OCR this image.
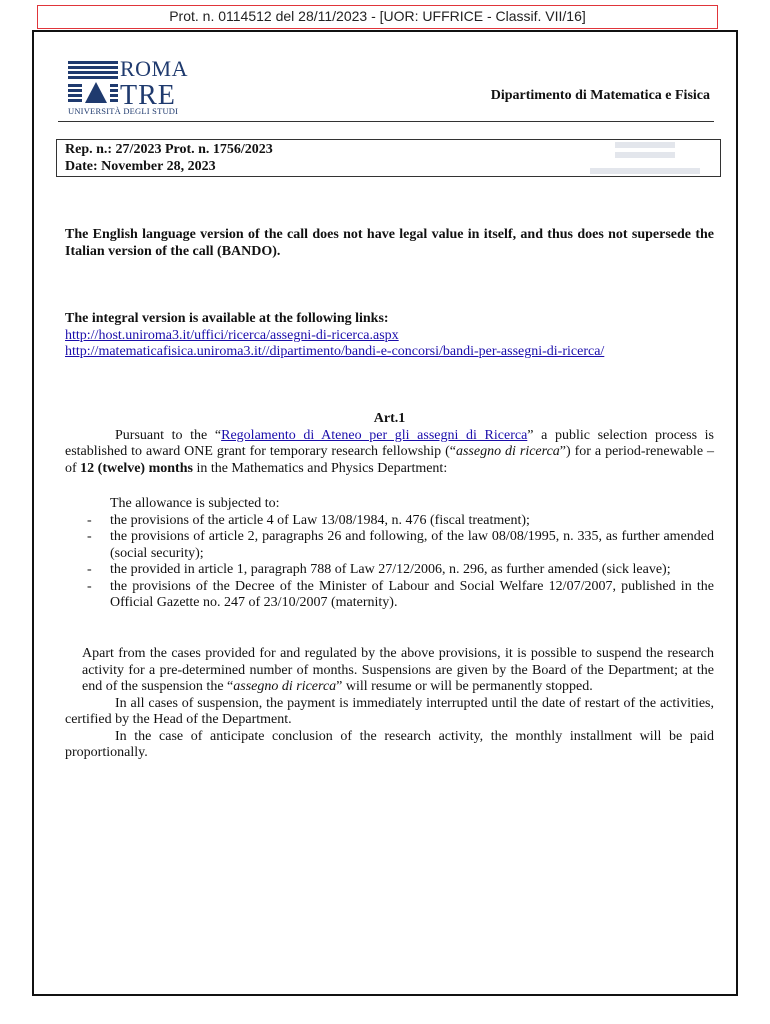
Prot. n. 0114512 del 28/11/2023 - [UOR: UFFRICE - Classif. VII/16]
ROMA
TRE
UNIVERSITÀ DEGLI STUDI
Dipartimento di Matematica e Fisica
Rep. n.: 27/2023 Prot. n. 1756/2023
Date: November 28, 2023
The English language version of the call does not have legal value in itself, and thus does not supersede the Italian version of the call (BANDO).
The integral version is available at the following links:
http://host.uniroma3.it/uffici/ricerca/assegni-di-ricerca.aspx
http://matematicafisica.uniroma3.it//dipartimento/bandi-e-concorsi/bandi-per-assegni-di-ricerca/
Art.1
Pursuant to the “Regolamento di Ateneo per gli assegni di Ricerca” a public selection process is established to award ONE grant for temporary research fellowship (“assegno di ricerca”) for a period-renewable – of 12 (twelve) months in the Mathematics and Physics Department:
The allowance is subjected to:
- the provisions of the article 4 of Law 13/08/1984, n. 476 (fiscal treatment);
- the provisions of article 2, paragraphs 26 and following, of the law 08/08/1995, n. 335, as further amended (social security);
- the provided in article 1, paragraph 788 of Law 27/12/2006, n. 296, as further amended (sick leave);
- the provisions of the Decree of the Minister of Labour and Social Welfare 12/07/2007, published in the Official Gazette no. 247 of 23/10/2007 (maternity).
Apart from the cases provided for and regulated by the above provisions, it is possible to suspend the research activity for a pre-determined number of months. Suspensions are given by the Board of the Department; at the end of the suspension the “assegno di ricerca” will resume or will be permanently stopped.
In all cases of suspension, the payment is immediately interrupted until the date of restart of the activities, certified by the Head of the Department.
In the case of anticipate conclusion of the research activity, the monthly installment will be paid proportionally.
